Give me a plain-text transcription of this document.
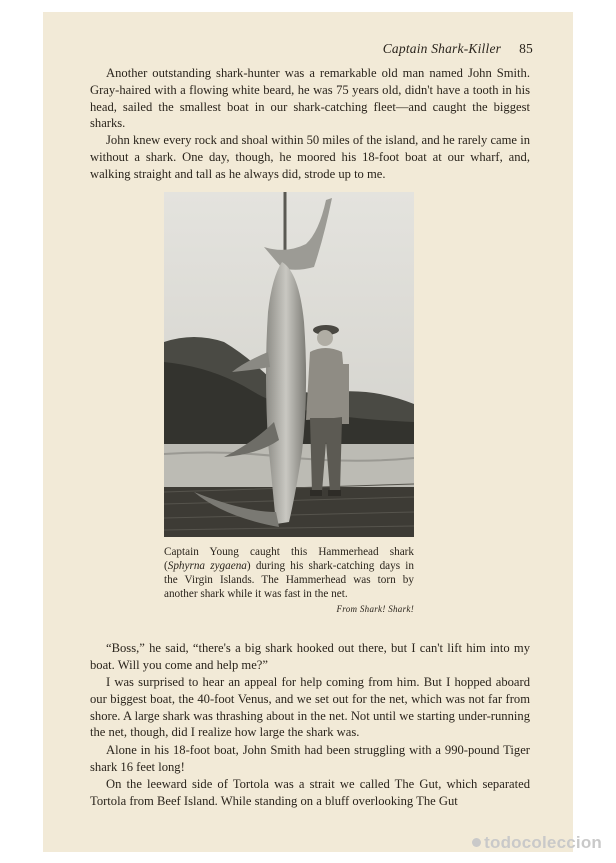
Captain Shark-Killer 85

Another outstanding shark-hunter was a remarkable old man named John Smith. Gray-haired with a flowing white beard, he was 75 years old, didn't have a tooth in his head, sailed the smallest boat in our shark-catching fleet—and caught the biggest sharks.

John knew every rock and shoal within 50 miles of the island, and he rarely came in without a shark. One day, though, he moored his 18-foot boat at our wharf, and, walking straight and tall as he always did, strode up to me.

Captain Young caught this Hammerhead shark (Sphyrna zygaena) during his shark-catching days in the Virgin Islands. The Hammerhead was torn by another shark while it was fast in the net.
From Shark! Shark!

“Boss,” he said, “there's a big shark hooked out there, but I can't lift him into my boat. Will you come and help me?”

I was surprised to hear an appeal for help coming from him. But I hopped aboard our biggest boat, the 40-foot Venus, and we set out for the net, which was not far from shore. A large shark was thrashing about in the net. Not until we starting under-running the net, though, did I realize how large the shark was.

Alone in his 18-foot boat, John Smith had been struggling with a 990-pound Tiger shark 16 feet long!

On the leeward side of Tortola was a strait we called The Gut, which separated Tortola from Beef Island. While standing on a bluff overlooking The Gut

todocoleccion
